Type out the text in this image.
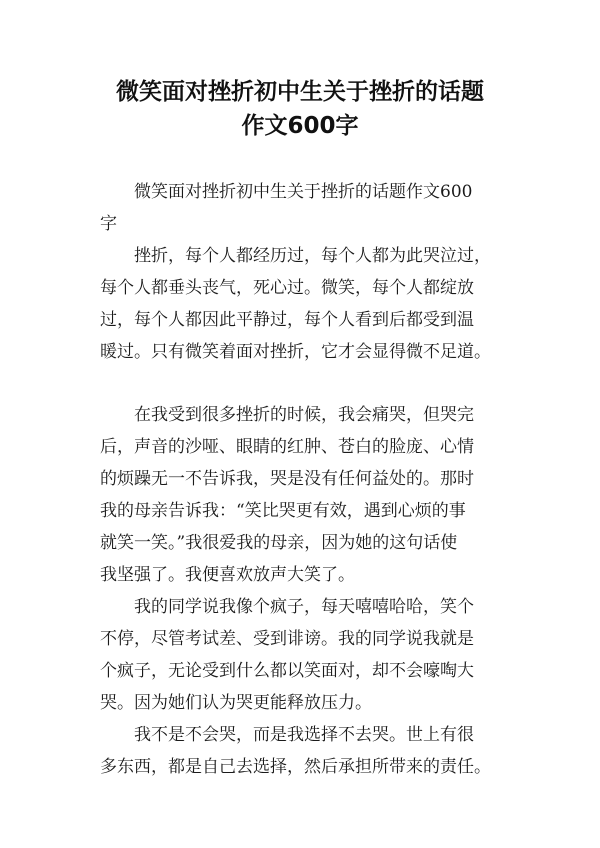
微笑面对挫折初中生关于挫折的话题
作文600字
微笑面对挫折初中生关于挫折的话题作文600
字
挫折，每个人都经历过，每个人都为此哭泣过，
每个人都垂头丧气，死心过。微笑，每个人都绽放
过，每个人都因此平静过，每个人看到后都受到温
暖过。只有微笑着面对挫折，它才会显得微不足道。
在我受到很多挫折的时候，我会痛哭，但哭完
后，声音的沙哑、眼睛的红肿、苍白的脸庞、心情
的烦躁无一不告诉我，哭是没有任何益处的。那时
我的母亲告诉我：“笑比哭更有效，遇到心烦的事
就笑一笑。”我很爱我的母亲，因为她的这句话使
我坚强了。我便喜欢放声大笑了。
我的同学说我像个疯子，每天嘻嘻哈哈，笑个
不停，尽管考试差、受到诽谤。我的同学说我就是
个疯子，无论受到什么都以笑面对，却不会嚎啕大
哭。因为她们认为哭更能释放压力。
我不是不会哭，而是我选择不去哭。世上有很
多东西，都是自己去选择，然后承担所带来的责任。
